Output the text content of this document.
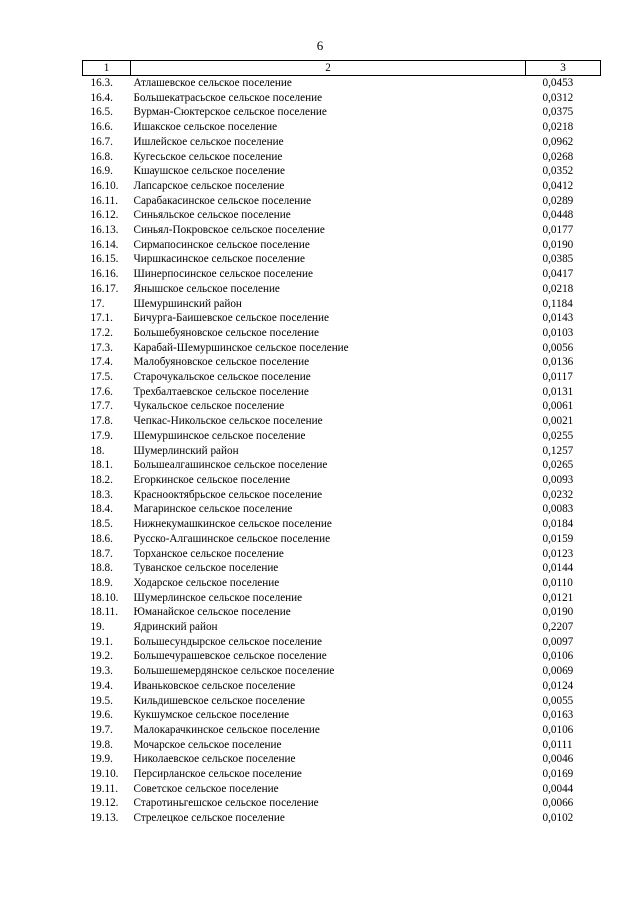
6
1	2	3
16.3.	Атлашевское сельское поселение	0,0453
16.4.	Большекатрасьское сельское поселение	0,0312
16.5.	Вурман-Сюктерское сельское поселение	0,0375
16.6.	Ишакское сельское поселение	0,0218
16.7.	Ишлейское сельское поселение	0,0962
16.8.	Кугесьское сельское поселение	0,0268
16.9.	Кшаушское сельское поселение	0,0352
16.10.	Лапсарское сельское поселение	0,0412
16.11.	Сарабакасинское сельское поселение	0,0289
16.12.	Синьяльское сельское поселение	0,0448
16.13.	Синьял-Покровское сельское поселение	0,0177
16.14.	Сирмапосинское сельское поселение	0,0190
16.15.	Чиршкасинское сельское поселение	0,0385
16.16.	Шинерпосинское сельское поселение	0,0417
16.17.	Янышское сельское поселение	0,0218
17.	Шемуршинский район	0,1184
17.1.	Бичурга-Баишевское сельское поселение	0,0143
17.2.	Большебуяновское сельское поселение	0,0103
17.3.	Карабай-Шемуршинское сельское поселение	0,0056
17.4.	Малобуяновское сельское поселение	0,0136
17.5.	Старочукальское сельское поселение	0,0117
17.6.	Трехбалтаевское сельское поселение	0,0131
17.7.	Чукальское сельское поселение	0,0061
17.8.	Чепкас-Никольское сельское поселение	0,0021
17.9.	Шемуршинское сельское поселение	0,0255
18.	Шумерлинский район	0,1257
18.1.	Большеалгашинское сельское поселение	0,0265
18.2.	Егоркинское сельское поселение	0,0093
18.3.	Краснооктябрьское сельское поселение	0,0232
18.4.	Магаринское сельское поселение	0,0083
18.5.	Нижнекумашкинское сельское поселение	0,0184
18.6.	Русско-Алгашинское сельское поселение	0,0159
18.7.	Торханское сельское поселение	0,0123
18.8.	Туванское сельское поселение	0,0144
18.9.	Ходарское сельское поселение	0,0110
18.10.	Шумерлинское сельское поселение	0,0121
18.11.	Юманайское сельское поселение	0,0190
19.	Ядринский район	0,2207
19.1.	Большесундырское сельское поселение	0,0097
19.2.	Большечурашевское сельское поселение	0,0106
19.3.	Большешемердянское сельское поселение	0,0069
19.4.	Иваньковское сельское поселение	0,0124
19.5.	Кильдишевское сельское поселение	0,0055
19.6.	Кукшумское сельское поселение	0,0163
19.7.	Малокарачкинское сельское поселение	0,0106
19.8.	Мочарское сельское поселение	0,0111
19.9.	Николаевское сельское поселение	0,0046
19.10.	Персирланское сельское поселение	0,0169
19.11.	Советское сельское поселение	0,0044
19.12.	Старотиньгешское сельское поселение	0,0066
19.13.	Стрелецкое сельское поселение	0,0102
